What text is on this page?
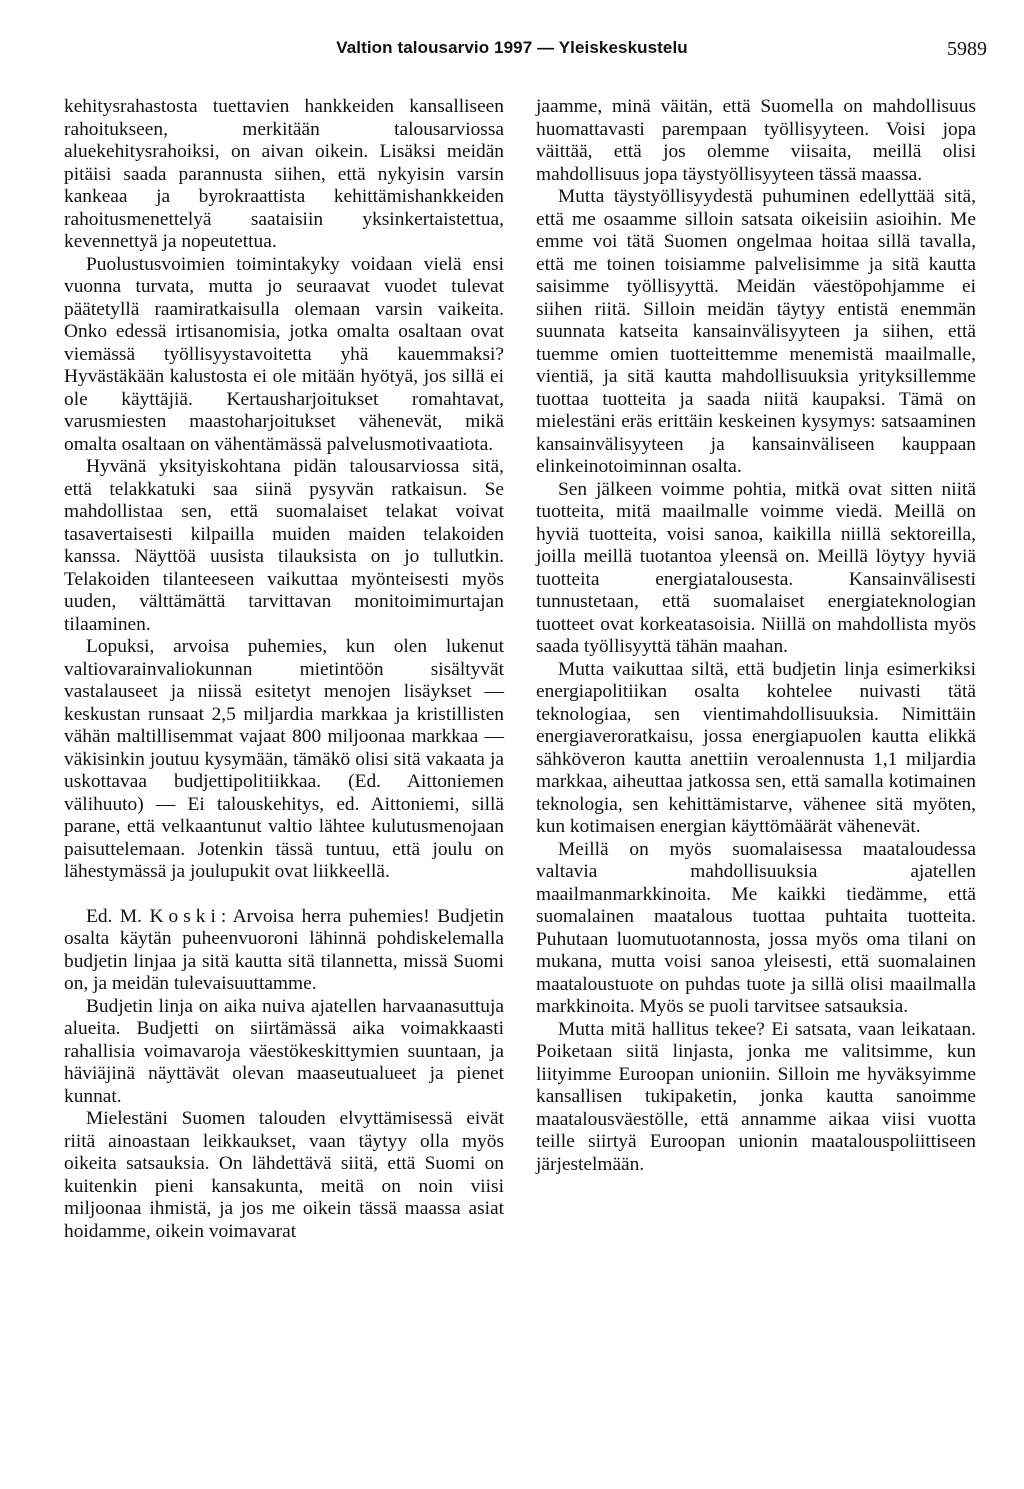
Valtion talousarvio 1997 — Yleiskeskustelu	5989

kehitysrahastosta tuettavien hankkeiden kansalliseen rahoitukseen, merkitään talousarviossa aluekehitysrahoiksi, on aivan oikein. Lisäksi meidän pitäisi saada parannusta siihen, että nykyisin varsin kankeaa ja byrokraattista kehittämishankkeiden rahoitusmenettelyä saataisiin yksinkertaistettua, kevennettyä ja nopeutettua.

Puolustusvoimien toimintakyky voidaan vielä ensi vuonna turvata, mutta jo seuraavat vuodet tulevat päätetyllä raamiratkaisulla olemaan varsin vaikeita. Onko edessä irtisanomisia, jotka omalta osaltaan ovat viemässä työllisyystavoitetta yhä kauemmaksi? Hyvästäkään kalustosta ei ole mitään hyötyä, jos sillä ei ole käyttäjiä. Kertausharjoitukset romahtavat, varusmiesten maastoharjoitukset vähenevät, mikä omalta osaltaan on vähentämässä palvelusmotivaatiota.

Hyvänä yksityiskohtana pidän talousarviossa sitä, että telakkatuki saa siinä pysyvän ratkaisun. Se mahdollistaa sen, että suomalaiset telakat voivat tasavertaisesti kilpailla muiden maiden telakoiden kanssa. Näyttöä uusista tilauksista on jo tullutkin. Telakoiden tilanteeseen vaikuttaa myönteisesti myös uuden, välttämättä tarvittavan monitoimimurtajan tilaaminen.

Lopuksi, arvoisa puhemies, kun olen lukenut valtiovarainvaliokunnan mietintöön sisältyvät vastalauseet ja niissä esitetyt menojen lisäykset — keskustan runsaat 2,5 miljardia markkaa ja kristillisten vähän maltillisemmat vajaat 800 miljoonaa markkaa — väkisinkin joutuu kysymään, tämäkö olisi sitä vakaata ja uskottavaa budjettipolitiikkaa. (Ed. Aittoniemen välihuuto) — Ei talouskehitys, ed. Aittoniemi, sillä parane, että velkaantunut valtio lähtee kulutusmenojaan paisuttelemaan. Jotenkin tässä tuntuu, että joulu on lähestymässä ja joulupukit ovat liikkeellä.

Ed. M. Koski: Arvoisa herra puhemies! Budjetin osalta käytän puheenvuoroni lähinnä pohdiskelemalla budjetin linjaa ja sitä kautta sitä tilannetta, missä Suomi on, ja meidän tulevaisuuttamme.

Budjetin linja on aika nuiva ajatellen harvaanasuttuja alueita. Budjetti on siirtämässä aika voimakkaasti rahallisia voimavaroja väestökeskittymien suuntaan, ja häviäjinä näyttävät olevan maaseutualueet ja pienet kunnat.

Mielestäni Suomen talouden elvyttämisessä eivät riitä ainoastaan leikkaukset, vaan täytyy olla myös oikeita satsauksia. On lähdettävä siitä, että Suomi on kuitenkin pieni kansakunta, meitä on noin viisi miljoonaa ihmistä, ja jos me oikein tässä maassa asiat hoidamme, oikein voimavarat

jaamme, minä väitän, että Suomella on mahdollisuus huomattavasti parempaan työllisyyteen. Voisi jopa väittää, että jos olemme viisaita, meillä olisi mahdollisuus jopa täystyöllisyyteen tässä maassa.

Mutta täystyöllisyydestä puhuminen edellyttää sitä, että me osaamme silloin satsata oikeisiin asioihin. Me emme voi tätä Suomen ongelmaa hoitaa sillä tavalla, että me toinen toisiamme palvelisimme ja sitä kautta saisimme työllisyyttä. Meidän väestöpohjamme ei siihen riitä. Silloin meidän täytyy entistä enemmän suunnata katseita kansainvälisyyteen ja siihen, että tuemme omien tuotteittemme menemistä maailmalle, vientiä, ja sitä kautta mahdollisuuksia yrityksillemme tuottaa tuotteita ja saada niitä kaupaksi. Tämä on mielestäni eräs erittäin keskeinen kysymys: satsaaminen kansainvälisyyteen ja kansainväliseen kauppaan elinkeinotoiminnan osalta.

Sen jälkeen voimme pohtia, mitkä ovat sitten niitä tuotteita, mitä maailmalle voimme viedä. Meillä on hyviä tuotteita, voisi sanoa, kaikilla niillä sektoreilla, joilla meillä tuotantoa yleensä on. Meillä löytyy hyviä tuotteita energiatalousesta. Kansainvälisesti tunnustetaan, että suomalaiset energiateknologian tuotteet ovat korkeatasoisia. Niillä on mahdollista myös saada työllisyyttä tähän maahan.

Mutta vaikuttaa siltä, että budjetin linja esimerkiksi energiapolitiikan osalta kohtelee nuivasti tätä teknologiaa, sen vientimahdollisuuksia. Nimittäin energiaveroratkaisu, jossa energiapuolen kautta elikkä sähköveron kautta anettiin veroalennusta 1,1 miljardia markkaa, aiheuttaa jatkossa sen, että samalla kotimainen teknologia, sen kehittämistarve, vähenee sitä myöten, kun kotimaisen energian käyttömäärät vähenevät.

Meillä on myös suomalaisessa maataloudessa valtavia mahdollisuuksia ajatellen maailmanmarkkinoita. Me kaikki tiedämme, että suomalainen maatalous tuottaa puhtaita tuotteita. Puhutaan luomutuotannosta, jossa myös oma tilani on mukana, mutta voisi sanoa yleisesti, että suomalainen maataloustuote on puhdas tuote ja sillä olisi maailmalla markkinoita. Myös se puoli tarvitsee satsauksia.

Mutta mitä hallitus tekee? Ei satsata, vaan leikataan. Poiketaan siitä linjasta, jonka me valitsimme, kun liityimme Euroopan unioniin. Silloin me hyväksyimme kansallisen tukipaketin, jonka kautta sanoimme maatalousväestölle, että annamme aikaa viisi vuotta teille siirtyä Euroopan unionin maatalouspoliittiseen järjestelmään.
